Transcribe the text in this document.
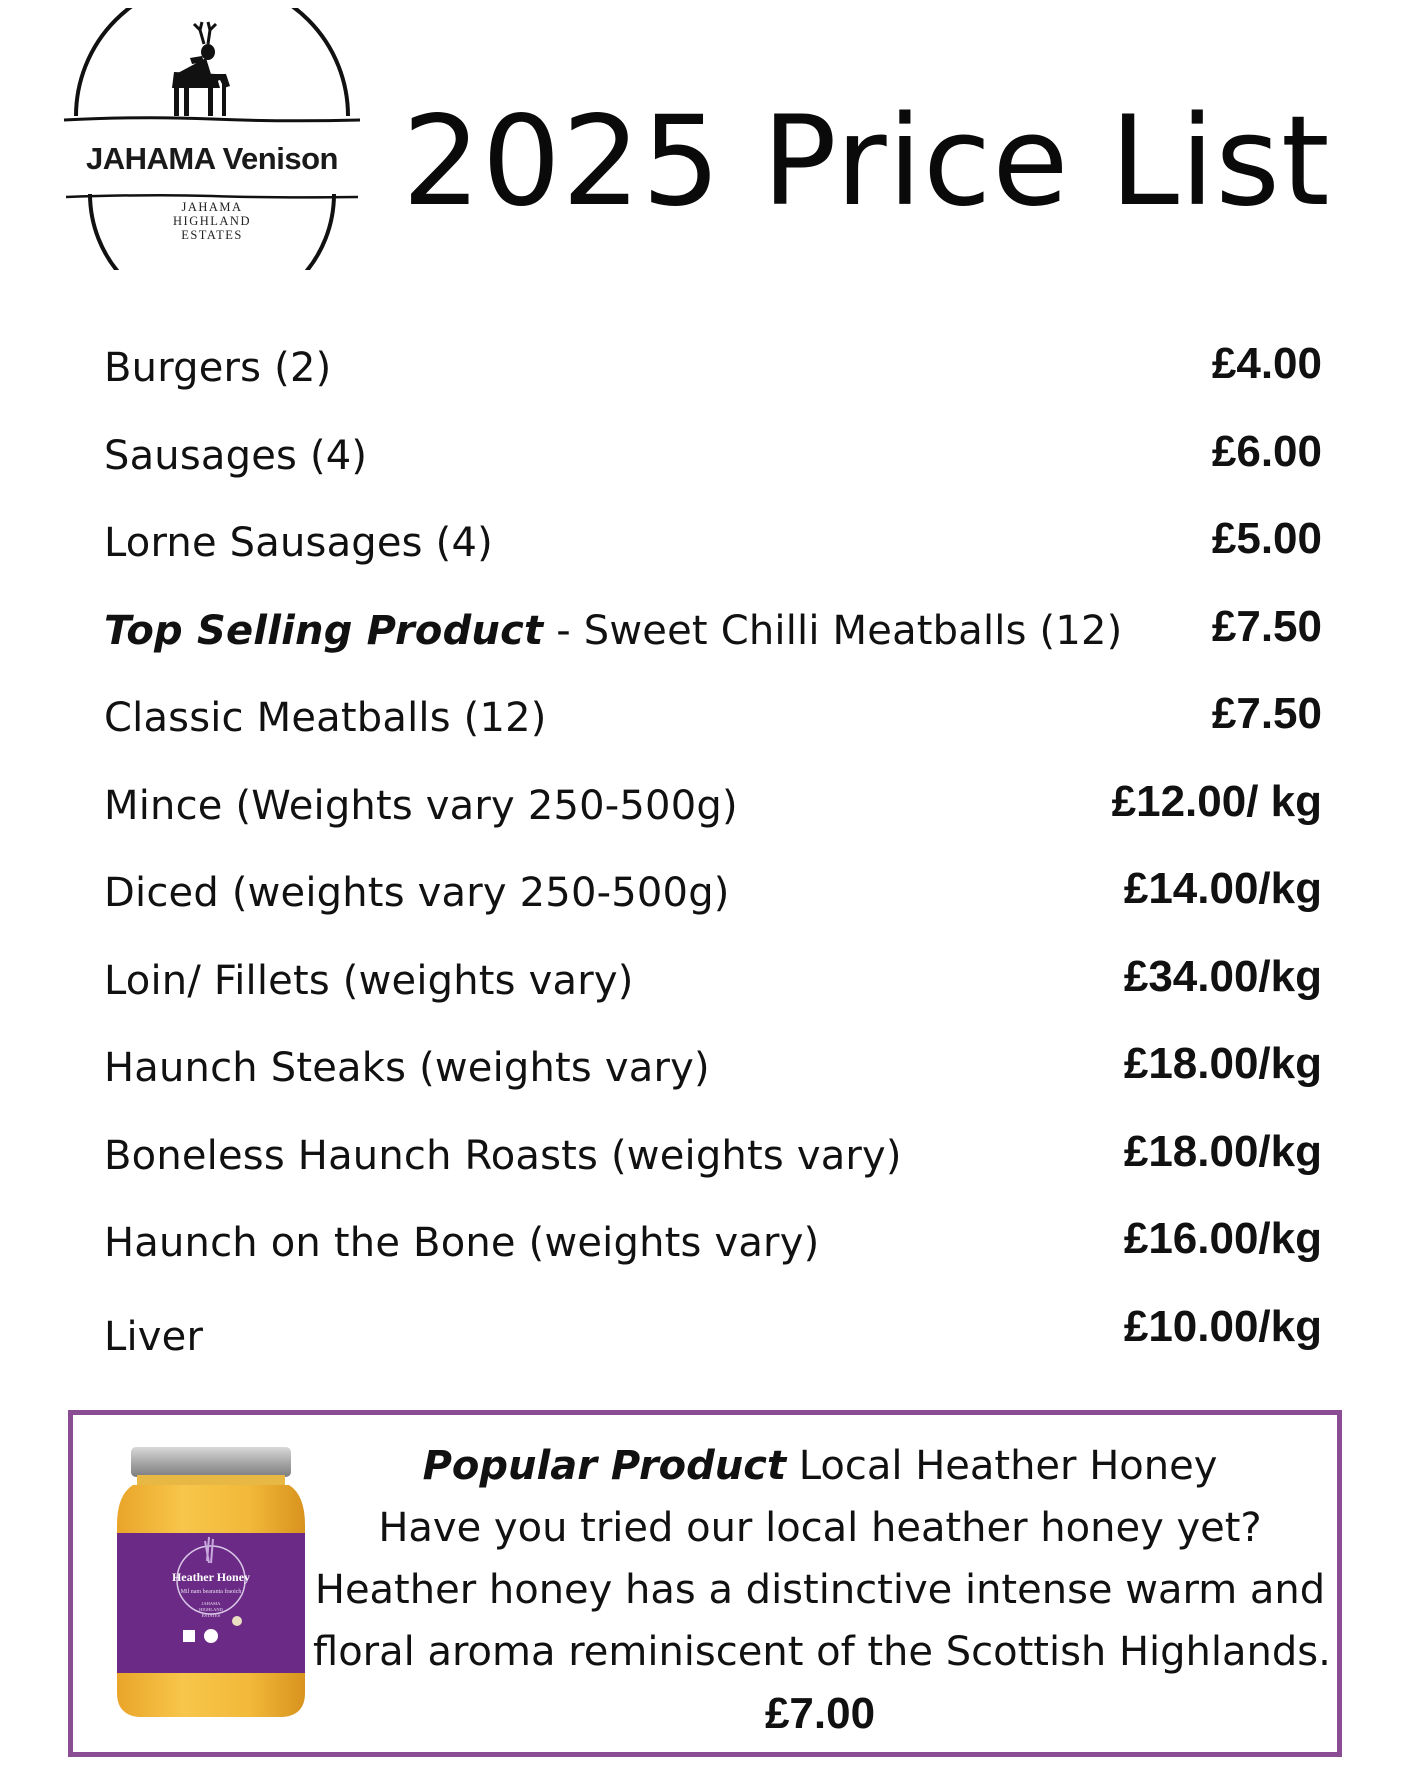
JAHAMA Venison
JAHAMA
HIGHLAND
ESTATES
2025 Price List
Burgers (2)	£4.00
Sausages (4)	£6.00
Lorne Sausages (4)	£5.00
Top Selling Product - Sweet Chilli Meatballs (12) £7.50
Classic Meatballs (12)	£7.50
Mince (Weights vary 250-500g)	£12.00/ kg
Diced (weights vary 250-500g)	£14.00/kg
Loin/ Fillets (weights vary)	£34.00/kg
Haunch Steaks (weights vary)	£18.00/kg
Boneless Haunch Roasts (weights vary)	£18.00/kg
Haunch on the Bone (weights vary)	£16.00/kg
Liver	£10.00/kg
Heather Honey
Mil nam bearanta fraoich
JAHAMA
HIGHLAND
ESTATES
Popular Product Local Heather Honey
Have you tried our local heather honey yet?
Heather honey has a distinctive intense warm and
floral aroma reminiscent of the Scottish Highlands.
£7.00
